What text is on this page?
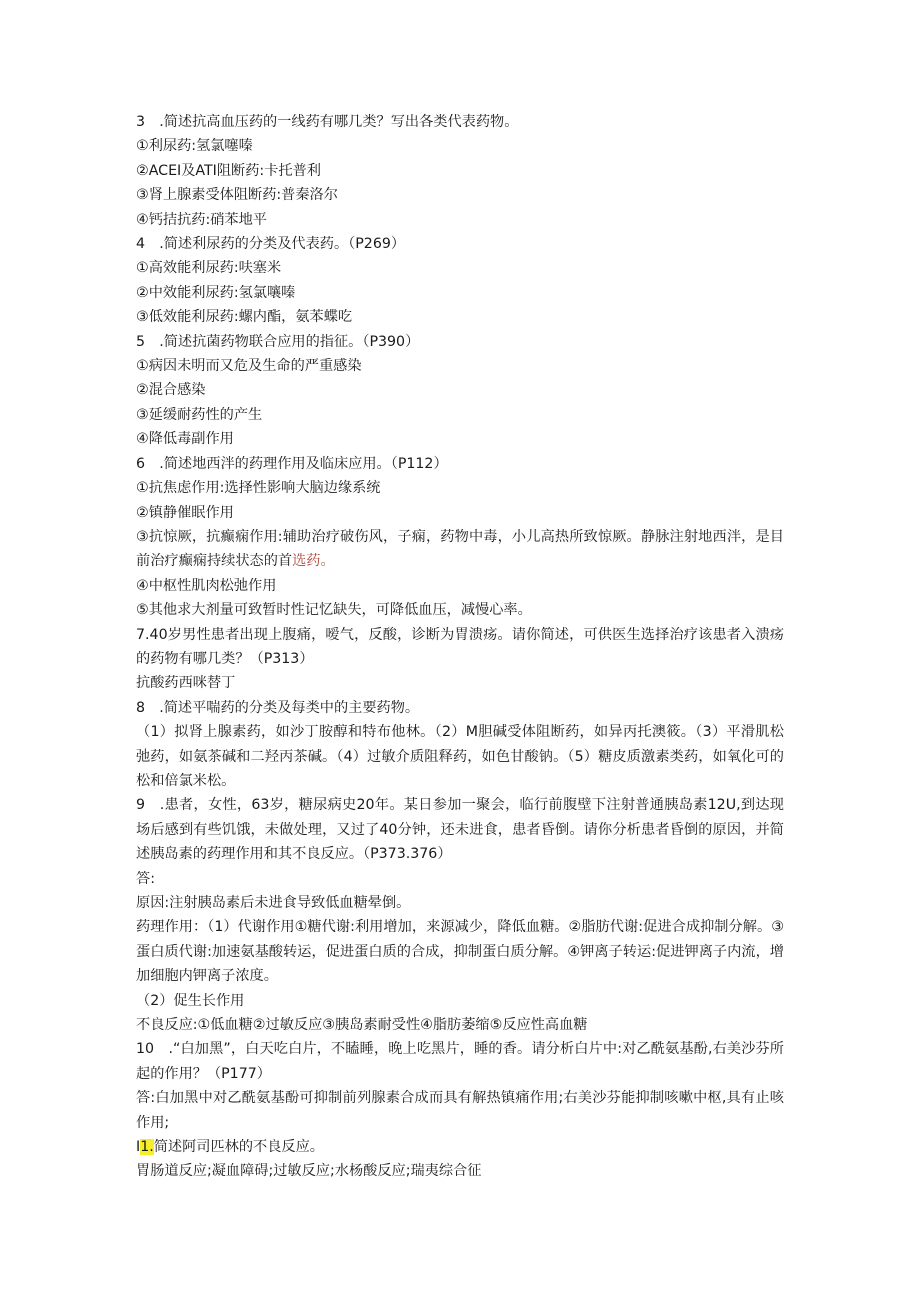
3　.简述抗高血压药的一线药有哪几类？写出各类代表药物。
①利尿药:氢氯噻嗪
②ACEI及ATI阻断药:卡托普利
③肾上腺素受体阻断药:普秦洛尔
④钙拮抗药:硝苯地平
4　.简述利尿药的分类及代表药。（P269）
①高效能利尿药:呋塞米
②中效能利尿药:氢氯嚷嗪
③低效能利尿药:螺内酯，氨苯蝶吃
5　.简述抗菌药物联合应用的指征。（P390）
①病因未明而又危及生命的严重感染
②混合感染
③延缓耐药性的产生
④降低毒副作用
6　.简述地西泮的药理作用及临床应用。（P112）
①抗焦虑作用:选择性影响大脑边缘系统
②镇静催眠作用
③抗惊厥，抗癫痫作用:辅助治疗破伤风，子痫，药物中毒，小儿高热所致惊厥。静脉注射地西泮，是目前治疗癫痫持续状态的首选药。
④中枢性肌肉松弛作用
⑤其他求大剂量可致暂时性记忆缺失，可降低血压，减慢心率。
7.40岁男性患者出现上腹痛，嗳气，反酸，诊断为胃溃疡。请你简述，可供医生选择治疗该患者入溃疡的药物有哪几类？（P313）
抗酸药西咪替丁
8　.简述平喘药的分类及每类中的主要药物。
（1）拟肾上腺素药，如沙丁胺醇和特布他林。（2）M胆碱受体阻断药，如异丙托澳筱。（3）平滑肌松弛药，如氨茶碱和二羟丙茶碱。（4）过敏介质阻释药，如色甘酸钠。（5）糖皮质激素类药，如氧化可的松和倍氯米松。
9　.患者，女性，63岁，糖尿病史20年。某日参加一聚会，临行前腹壁下注射普通胰岛素12U,到达现场后感到有些饥饿，未做处理，又过了40分钟，还未进食，患者昏倒。请你分析患者昏倒的原因，并简述胰岛素的药理作用和其不良反应。（P373.376）
答:
原因:注射胰岛素后未进食导致低血糖晕倒。
药理作用：（1）代谢作用①糖代谢:利用增加，来源减少，降低血糖。②脂肪代谢:促进合成抑制分解。③蛋白质代谢:加速氨基酸转运，促进蛋白质的合成，抑制蛋白质分解。④钾离子转运:促进钾离子内流，增加细胞内钾离子浓度。
（2）促生长作用
不良反应:①低血糖②过敏反应③胰岛素耐受性④脂肪萎缩⑤反应性高血糖
10　.“白加黑”，白天吃白片，不瞌睡，晚上吃黑片，睡的香。请分析白片中:对乙酰氨基酚,右美沙芬所起的作用？（P177）
答:白加黑中对乙酰氨基酚可抑制前列腺素合成而具有解热镇痛作用;右美沙芬能抑制咳嗽中枢,具有止咳作用;
I1.简述阿司匹林的不良反应。
胃肠道反应;凝血障碍;过敏反应;水杨酸反应;瑞夷综合征
